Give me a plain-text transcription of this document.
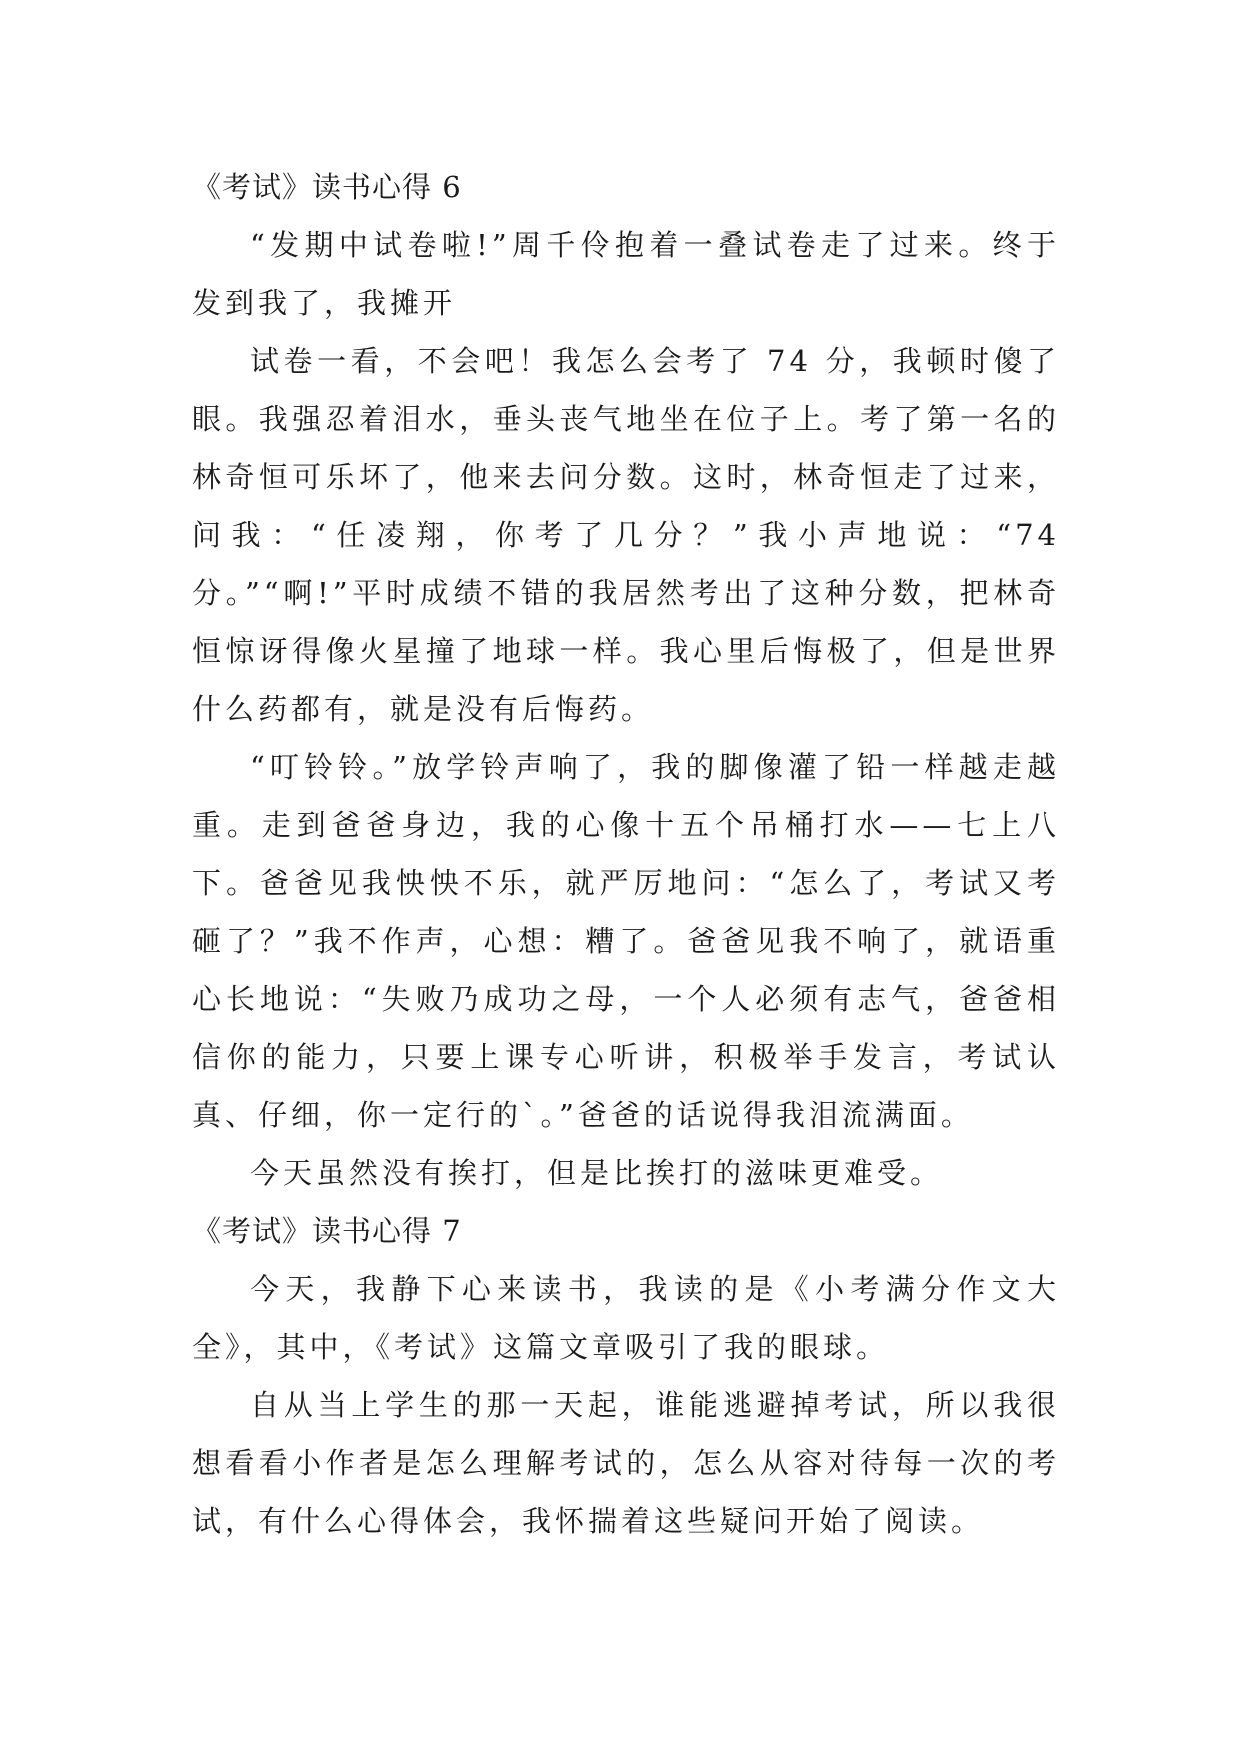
《考试》读书心得 6

“发期中试卷啦!”周千伶抱着一叠试卷走了过来。终于发到我了，我摊开

试卷一看，不会吧！我怎么会考了 74 分，我顿时傻了眼。我强忍着泪水，垂头丧气地坐在位子上。考了第一名的林奇恒可乐坏了，他来去问分数。这时，林奇恒走了过来，问我：“任凌翔，你考了几分？”我小声地说：“74 分。”“啊!”平时成绩不错的我居然考出了这种分数，把林奇恒惊讶得像火星撞了地球一样。我心里后悔极了，但是世界什么药都有，就是没有后悔药。

“叮铃铃。”放学铃声响了，我的脚像灌了铅一样越走越重。走到爸爸身边，我的心像十五个吊桶打水——七上八下。爸爸见我怏怏不乐，就严厉地问：“怎么了，考试又考砸了？”我不作声，心想：糟了。爸爸见我不响了，就语重心长地说：“失败乃成功之母，一个人必须有志气，爸爸相信你的能力，只要上课专心听讲，积极举手发言，考试认真、仔细，你一定行的`。”爸爸的话说得我泪流满面。

今天虽然没有挨打，但是比挨打的滋味更难受。

《考试》读书心得 7

今天，我静下心来读书，我读的是《小考满分作文大全》，其中，《考试》这篇文章吸引了我的眼球。

自从当上学生的那一天起，谁能逃避掉考试，所以我很想看看小作者是怎么理解考试的，怎么从容对待每一次的考试，有什么心得体会，我怀揣着这些疑问开始了阅读。
